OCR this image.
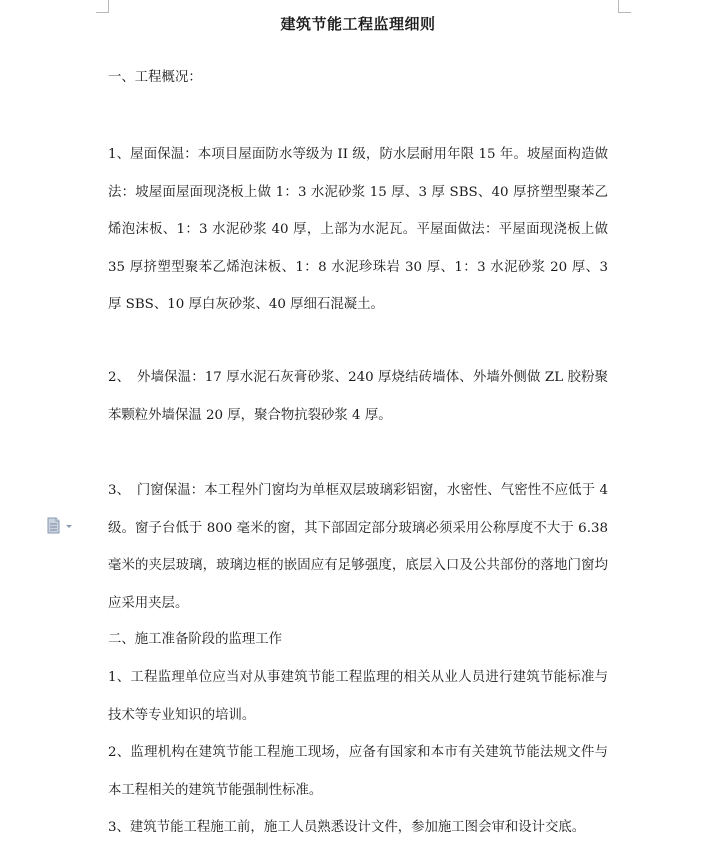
建筑节能工程监理细则

一、工程概况：

1、屋面保温：本项目屋面防水等级为 II 级，防水层耐用年限 15 年。坡屋面构造做法：坡屋面屋面现浇板上做 1：3 水泥砂浆 15 厚、3 厚 SBS、40 厚挤塑型聚苯乙烯泡沫板、1：3 水泥砂浆 40 厚，上部为水泥瓦。平屋面做法：平屋面现浇板上做 35 厚挤塑型聚苯乙烯泡沫板、1：8 水泥珍珠岩 30 厚、1：3 水泥砂浆 20 厚、3 厚 SBS、10 厚白灰砂浆、40 厚细石混凝土。

2、　外墙保温：17 厚水泥石灰膏砂浆、240 厚烧结砖墙体、外墙外侧做 ZL 胶粉聚苯颗粒外墙保温 20 厚，聚合物抗裂砂浆 4 厚。

3、　门窗保温：本工程外门窗均为单框双层玻璃彩铝窗，水密性、气密性不应低于 4 级。窗子台低于 800 毫米的窗，其下部固定部分玻璃必须采用公称厚度不大于 6.38 毫米的夹层玻璃，玻璃边框的嵌固应有足够强度，底层入口及公共部份的落地门窗均应采用夹层。

二、施工准备阶段的监理工作

1、工程监理单位应当对从事建筑节能工程监理的相关从业人员进行建筑节能标准与技术等专业知识的培训。

2、监理机构在建筑节能工程施工现场，应备有国家和本市有关建筑节能法规文件与本工程相关的建筑节能强制性标准。

3、建筑节能工程施工前，施工人员熟悉设计文件，参加施工图会审和设计交底。
